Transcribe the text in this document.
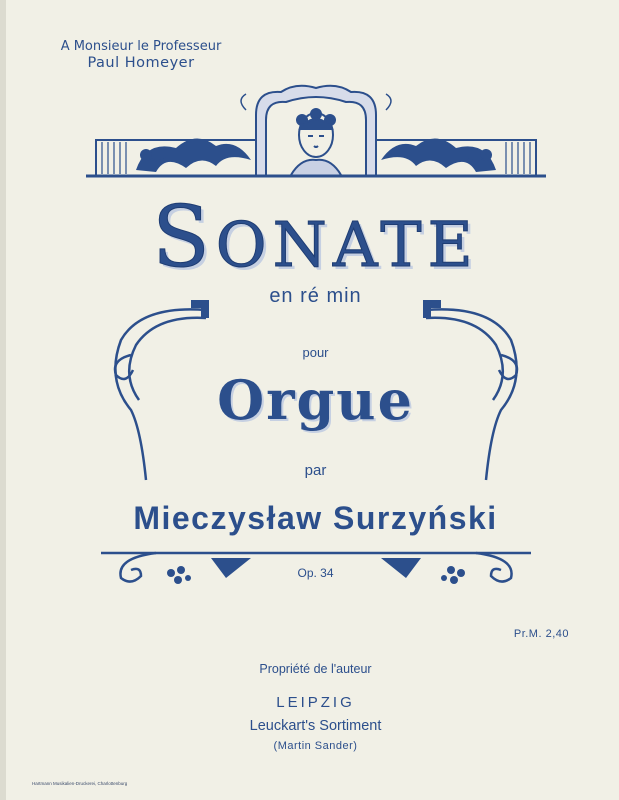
A Monsieur le Professeur
Paul Homeyer
SONATE
en ré min
pour
Orgue
par
Mieczysław Surzyński
Op. 34
Pr.M. 2,40
Propriété de l'auteur
LEIPZIG
Leuckart's Sortiment
(Martin Sander)
Hartmann Musikalien-Druckerei, Charlottenburg
